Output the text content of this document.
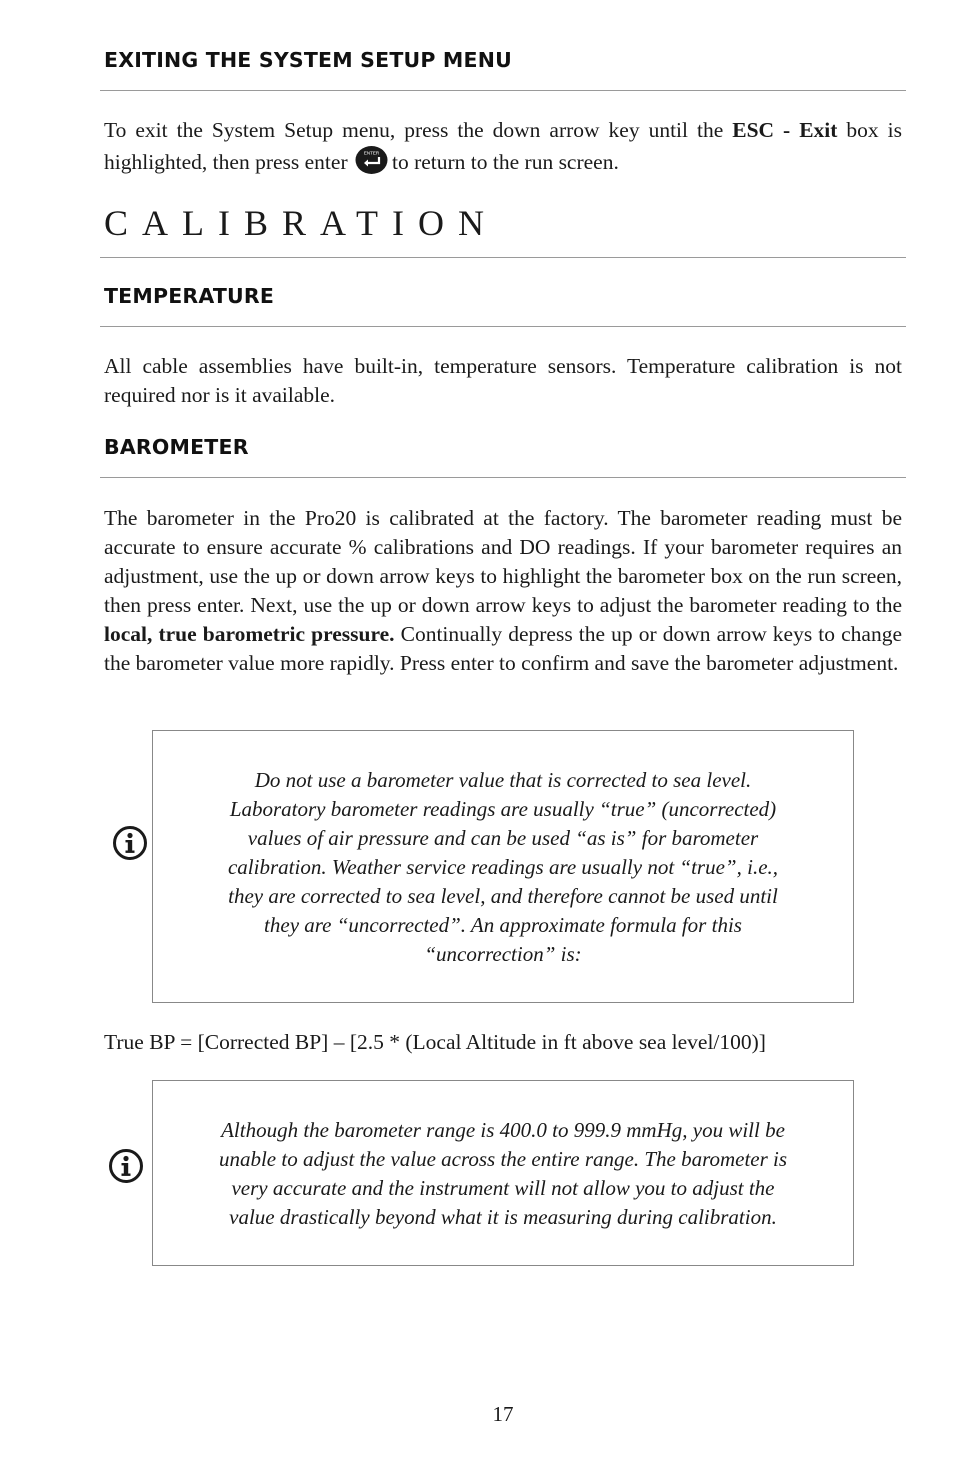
EXITING THE SYSTEM SETUP MENU
To exit the System Setup menu, press the down arrow key until the ESC - Exit box is highlighted, then press enter	ENTER to return to the run screen.
CALIBRATION
TEMPERATURE
All cable assemblies have built-in, temperature sensors. Temperature calibration is not required nor is it available.
BAROMETER
The barometer in the Pro20 is calibrated at the factory. The barometer reading must be accurate to ensure accurate % calibrations and DO readings. If your barometer requires an adjustment, use the up or down arrow keys to highlight the barometer box on the run screen, then press enter. Next, use the up or down arrow keys to adjust the barometer reading to the local, true barometric pressure. Continually depress the up or down arrow keys to change the barometer value more rapidly. Press enter to confirm and save the barometer adjustment.
Do not use a barometer value that is corrected to sea level.
Laboratory barometer readings are usually “true” (uncorrected)
values of air pressure and can be used “as is” for barometer
calibration. Weather service readings are usually not “true”, i.e.,
they are corrected to sea level, and therefore cannot be used until
they are “uncorrected”. An approximate formula for this
“uncorrection” is:
True BP = [Corrected BP] – [2.5 * (Local Altitude in ft above sea level/100)]
Although the barometer range is 400.0 to 999.9 mmHg, you will be
unable to adjust the value across the entire range. The barometer is
very accurate and the instrument will not allow you to adjust the
value drastically beyond what it is measuring during calibration.
17
